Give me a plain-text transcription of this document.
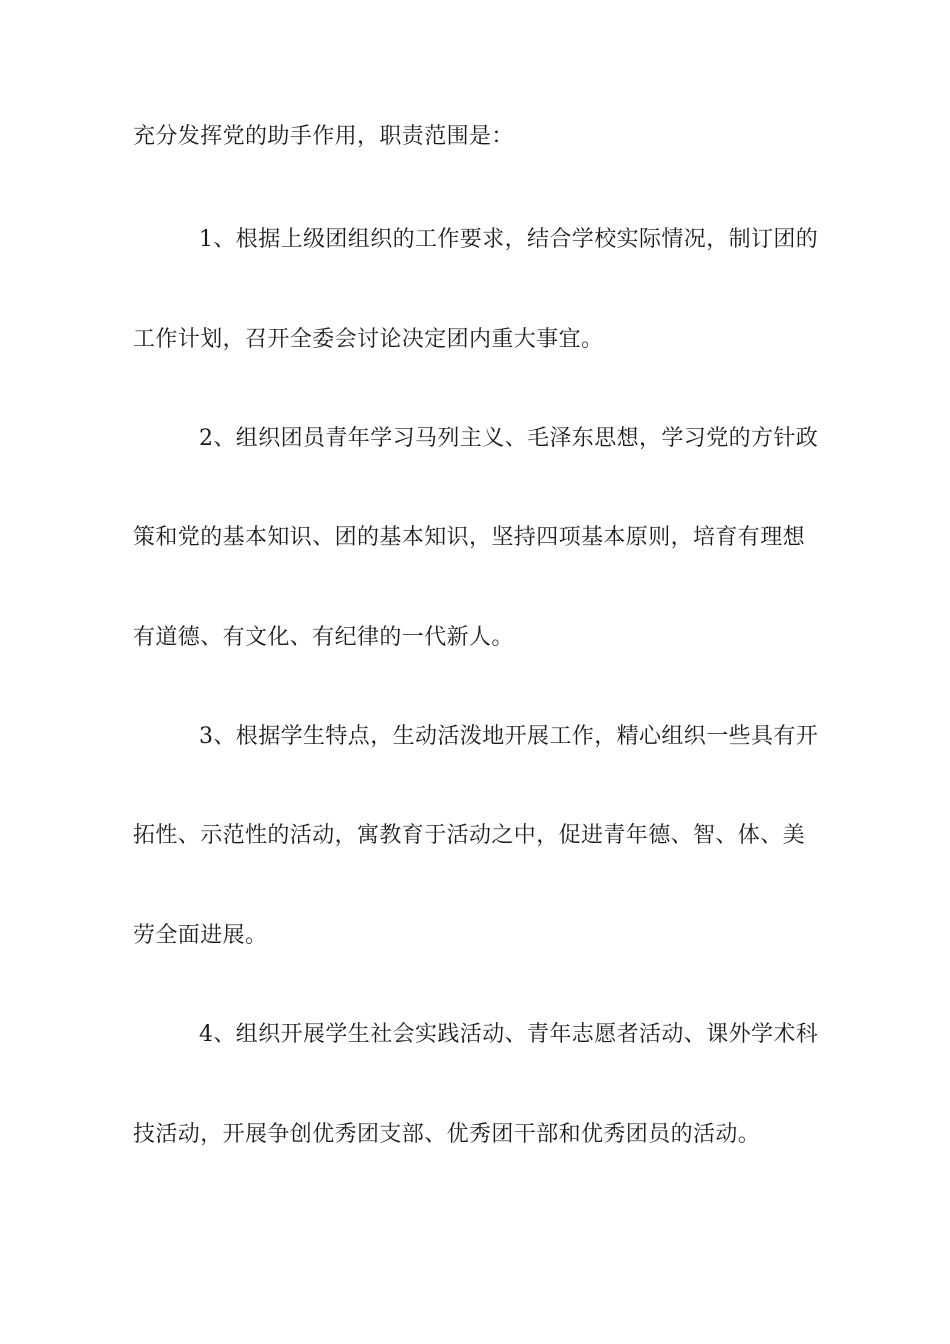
充分发挥党的助手作用，职责范围是：
1、根据上级团组织的工作要求，结合学校实际情况，制订团的
工作计划，召开全委会讨论决定团内重大事宜。
2、组织团员青年学习马列主义、毛泽东思想，学习党的方针政
策和党的基本知识、团的基本知识，坚持四项基本原则，培育有理想
有道德、有文化、有纪律的一代新人。
3、根据学生特点，生动活泼地开展工作，精心组织一些具有开
拓性、示范性的活动，寓教育于活动之中，促进青年德、智、体、美
劳全面进展。
4、组织开展学生社会实践活动、青年志愿者活动、课外学术科
技活动，开展争创优秀团支部、优秀团干部和优秀团员的活动。
